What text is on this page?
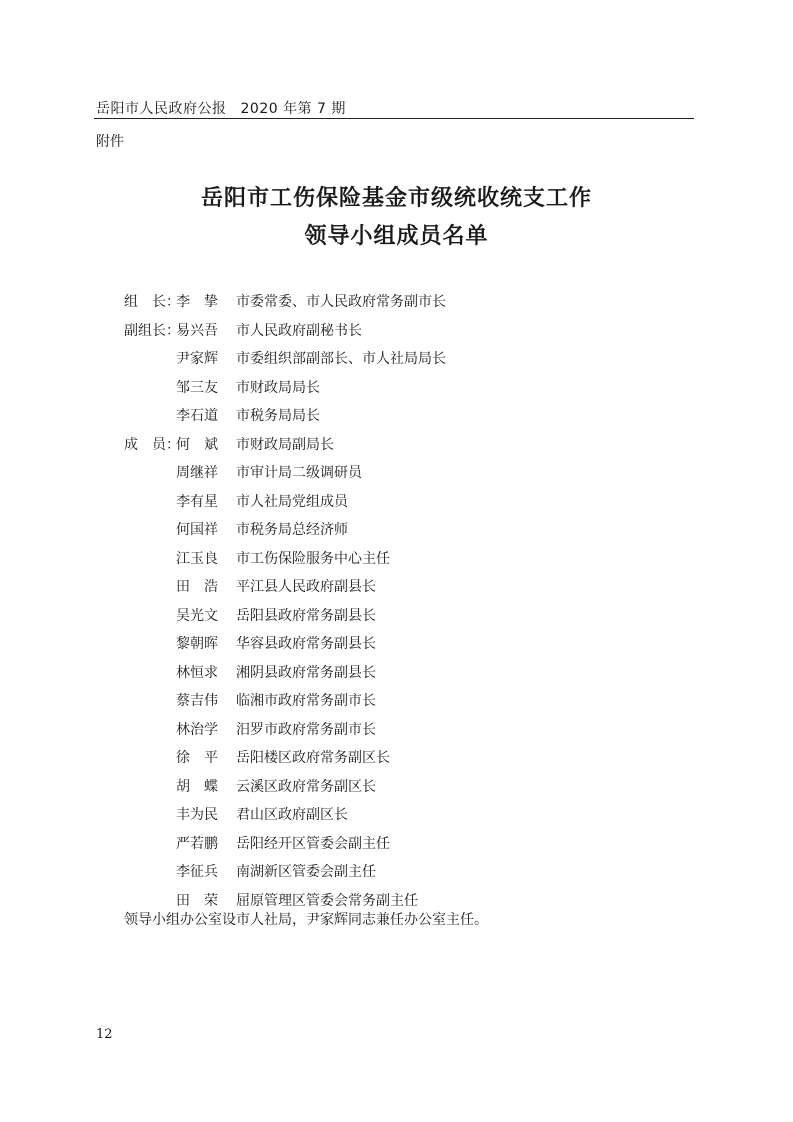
岳阳市人民政府公报 2020 年第 7 期
附件
岳阳市工伤保险基金市级统收统支工作
领导小组成员名单
组　长：
李　挚	市委常委、市人民政府常务副市长
副组长：
易兴吾	市人民政府副秘书长
尹家辉	市委组织部副部长、市人社局局长
邹三友	市财政局局长
李石道	市税务局局长
成　员：
何　斌	市财政局副局长
周继祥	市审计局二级调研员
李有星	市人社局党组成员
何国祥	市税务局总经济师
江玉良	市工伤保险服务中心主任
田　浩	平江县人民政府副县长
吴光文	岳阳县政府常务副县长
黎朝晖	华容县政府常务副县长
林恒求	湘阴县政府常务副县长
蔡吉伟	临湘市政府常务副市长
林治学	汨罗市政府常务副市长
徐　平	岳阳楼区政府常务副区长
胡　蝶	云溪区政府常务副区长
丰为民	君山区政府副区长
严若鹏	岳阳经开区管委会副主任
李征兵	南湖新区管委会副主任
田　荣	屈原管理区管委会常务副主任
领导小组办公室设市人社局，尹家辉同志兼任办公室主任。
12
